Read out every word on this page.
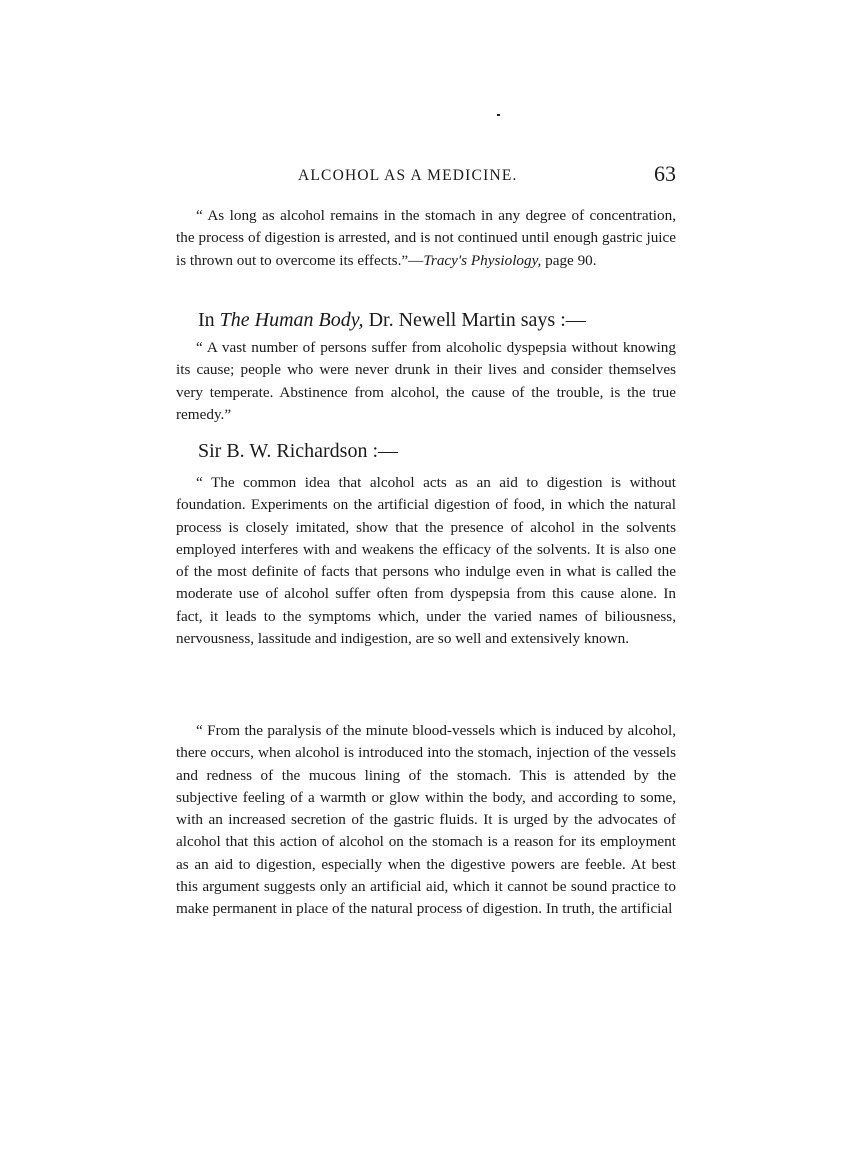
ALCOHOL AS A MEDICINE.	63

“ As long as alcohol remains in the stomach in any degree of concentration, the process of digestion is arrested, and is not continued until enough gastric juice is thrown out to overcome its effects.”—Tracy's Physiology, page 90.

In The Human Body, Dr. Newell Martin says :—

“ A vast number of persons suffer from alcoholic dyspepsia without knowing its cause; people who were never drunk in their lives and consider themselves very temperate. Abstinence from alcohol, the cause of the trouble, is the true remedy.”

Sir B. W. Richardson :—

“ The common idea that alcohol acts as an aid to digestion is without foundation. Experiments on the artificial digestion of food, in which the natural process is closely imitated, show that the presence of alcohol in the solvents employed interferes with and weakens the efficacy of the solvents. It is also one of the most definite of facts that persons who indulge even in what is called the moderate use of alcohol suffer often from dyspepsia from this cause alone. In fact, it leads to the symptoms which, under the varied names of biliousness, nervousness, lassitude and indigestion, are so well and extensively known.

“ From the paralysis of the minute blood-vessels which is induced by alcohol, there occurs, when alcohol is introduced into the stomach, injection of the vessels and redness of the mucous lining of the stomach. This is attended by the subjective feeling of a warmth or glow within the body, and according to some, with an increased secretion of the gastric fluids. It is urged by the advocates of alcohol that this action of alcohol on the stomach is a reason for its employment as an aid to digestion, especially when the digestive powers are feeble. At best this argument suggests only an artificial aid, which it cannot be sound practice to make permanent in place of the natural process of digestion. In truth, the artificial
